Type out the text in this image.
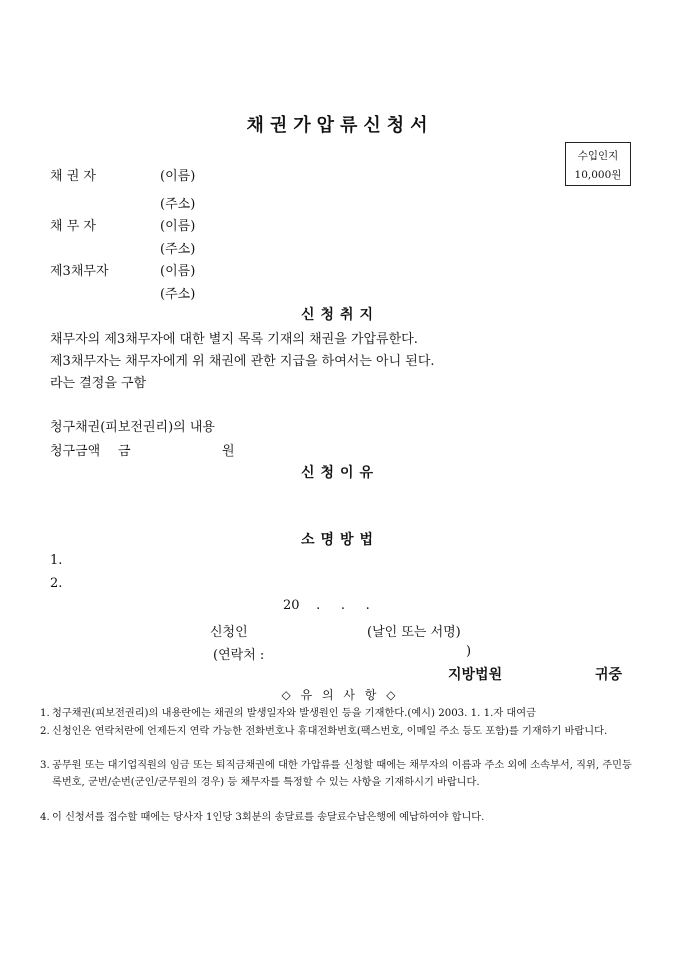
채권가압류신청서
수입인지
10,000원
채 권 자	(이름)
(주소)
채 무 자	(이름)
(주소)
제3채무자	(이름)
(주소)
신청취지
채무자의 제3채무자에 대한 별지 목록 기재의 채권을 가압류한다.
제3채무자는 채무자에게 위 채권에 관한 지급을 하여서는 아니 된다.
라는 결정을 구함
청구채권(피보전권리)의 내용
청구금액 금	원
신청이유
소명방법
1.
2.
20    .     .     .
신청인	(날인 또는 서명)
(연락처 :	)
지방법원	귀중
◇ 유 의 사 항 ◇
1. 청구채권(피보전권리)의 내용란에는 채권의 발생일자와 발생원인 등을 기재한다.(예시) 2003. 1. 1.자 대여금
2. 신청인은 연락처란에 언제든지 연락 가능한 전화번호나 휴대전화번호(팩스번호, 이메일 주소 등도 포함)를 기재하기 바랍니다.
3. 공무원 또는 대기업직원의 임금 또는 퇴직금채권에 대한 가압류를 신청할 때에는 채무자의 이름과 주소 외에 소속부서, 직위, 주민등록번호, 군번/순번(군인/군무원의 경우) 등 채무자를 특정할 수 있는 사항을 기재하시기 바랍니다.
4. 이 신청서를 접수할 때에는 당사자 1인당 3회분의 송달료를 송달료수납은행에 예납하여야 합니다.
